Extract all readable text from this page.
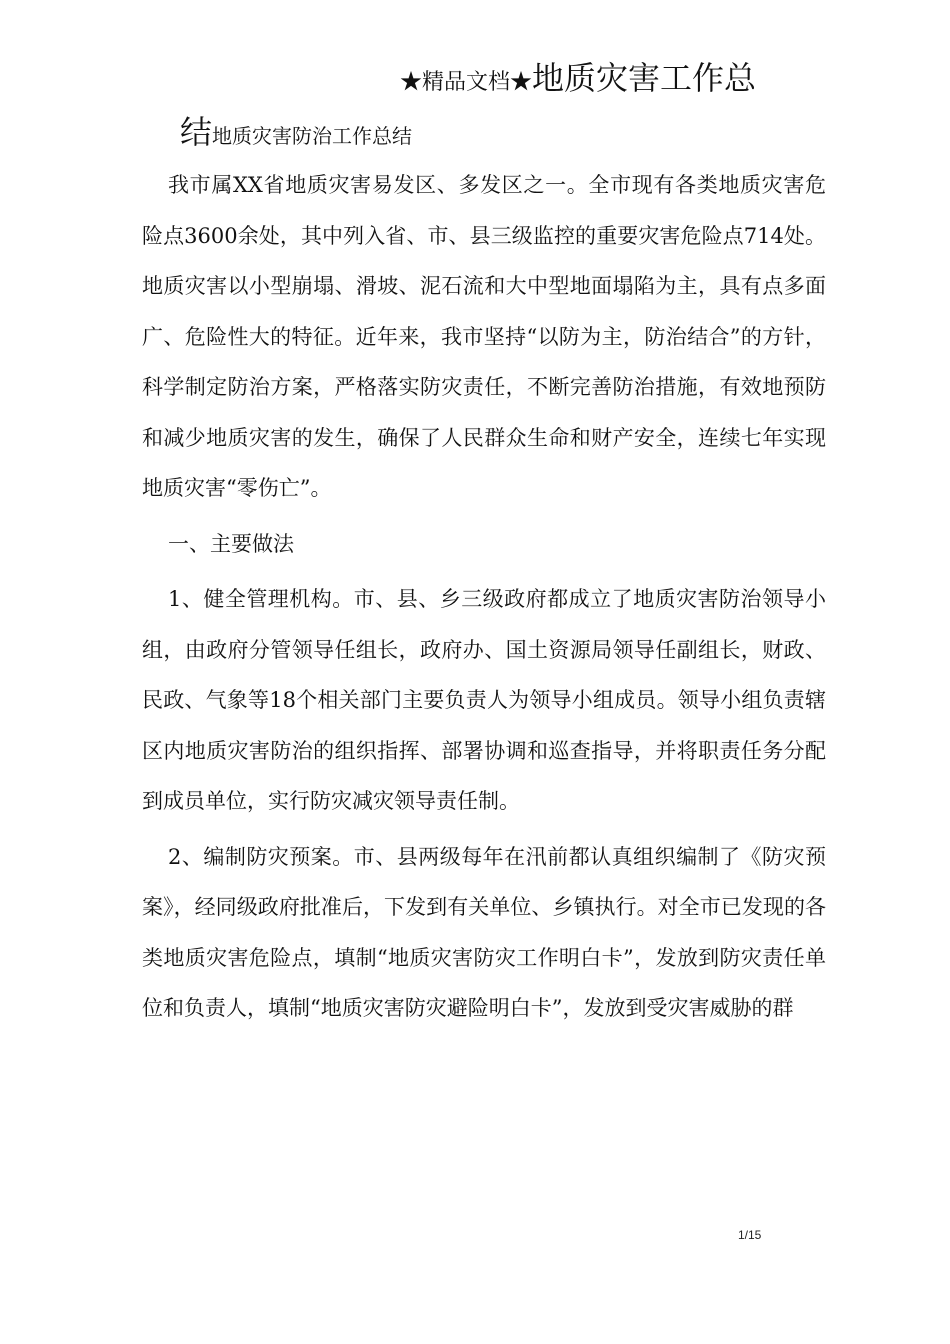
★精品文档★地质灾害工作总
结地质灾害防治工作总结

我市属XX省地质灾害易发区、多发区之一。全市现有各类地质灾害危险点3600余处，其中列入省、市、县三级监控的重要灾害危险点714处。地质灾害以小型崩塌、滑坡、泥石流和大中型地面塌陷为主，具有点多面广、危险性大的特征。近年来，我市坚持“以防为主，防治结合”的方针，科学制定防治方案，严格落实防灾责任，不断完善防治措施，有效地预防和减少地质灾害的发生，确保了人民群众生命和财产安全，连续七年实现地质灾害“零伤亡”。

一、主要做法

1、健全管理机构。市、县、乡三级政府都成立了地质灾害防治领导小组，由政府分管领导任组长，政府办、国土资源局领导任副组长，财政、民政、气象等18个相关部门主要负责人为领导小组成员。领导小组负责辖区内地质灾害防治的组织指挥、部署协调和巡查指导，并将职责任务分配到成员单位，实行防灾减灾领导责任制。

2、编制防灾预案。市、县两级每年在汛前都认真组织编制了《防灾预案》，经同级政府批准后，下发到有关单位、乡镇执行。对全市已发现的各类地质灾害危险点，填制“地质灾害防灾工作明白卡”，发放到防灾责任单位和负责人，填制“地质灾害防灾避险明白卡”，发放到受灾害威胁的群

1/15
